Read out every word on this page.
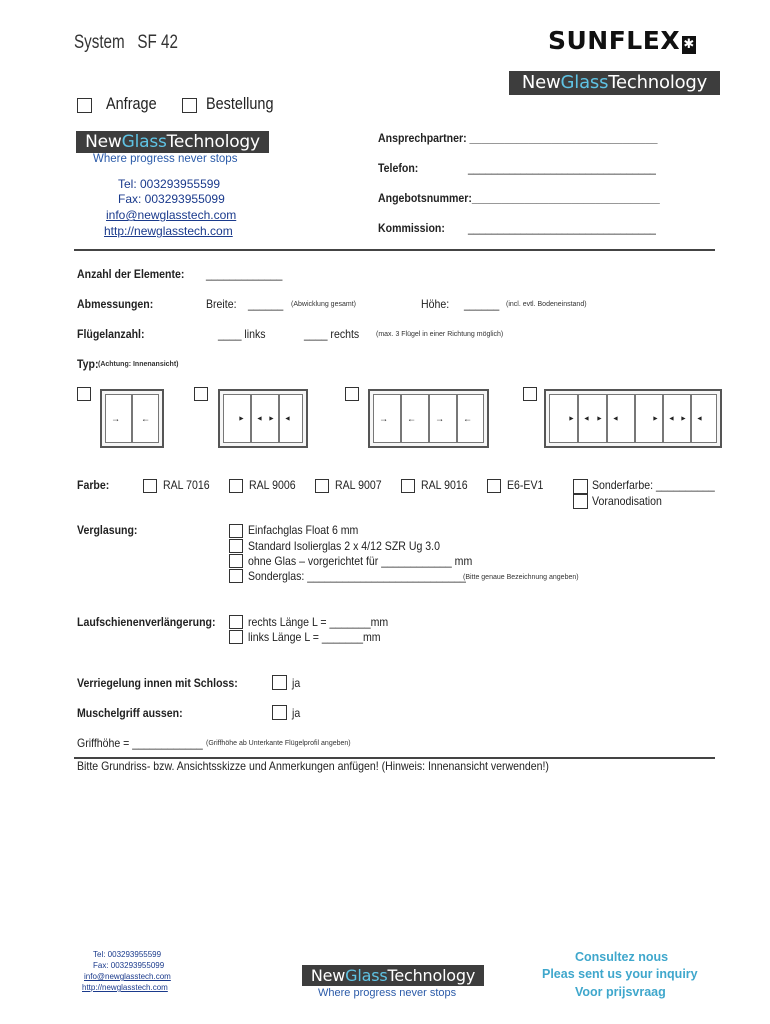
System SF 42	SUNFLEX ✱
New Glass Technology
Anfrage	Bestellung
New Glass Technology
Where progress never stops
Tel: 003293955599
Fax: 003293955099
info@newglasstech.com
http://newglasstech.com
Ansprechpartner: ________________________________
Telefon:	________________________________
Angebotsnummer:________________________________
Kommission: ________________________________
Anzahl der Elemente: _____________
Abmessungen:	Breite: ______ (Abwicklung gesamt)	Höhe: ______ (incl. evtl. Bodeneinstand)
Flügelanzahl:	____ links	____ rechts (max. 3 Flügel in einer Richtung möglich)
Typ: (Achtung: Innenansicht)
→ ←	► ◄ ► ◄	→ ← → ←	► ◄ ► ◄	► ◄ ► ◄
Farbe:	RAL 7016	RAL 9006	RAL 9007	RAL 9016	E6-EV1	Sonderfarbe: __________
Voranodisation
Verglasung:	Einfachglas Float 6 mm
Standard Isolierglas 2 x 4/12 SZR Ug 3.0
ohne Glas – vorgerichtet für ____________ mm
Sonderglas: ___________________________
(Bitte genaue Bezeichnung angeben)
Laufschienenverlängerung:	rechts Länge L = _______mm
links Länge L = _______mm
Verriegelung innen mit Schloss:	ja
Muschelgriff aussen:	ja
Griffhöhe = ____________ (Griffhöhe ab Unterkante Flügelprofil angeben)
Bitte Grundriss- bzw. Ansichtsskizze und Anmerkungen anfügen! (Hinweis: Innenansicht verwenden!)
Tel: 003293955599
Fax: 003293955099
info@newglasstech.com
http://newglasstech.com
New Glass Technology
Where progress never stops
Consultez nous
Pleas sent us your inquiry
Voor prijsvraag
